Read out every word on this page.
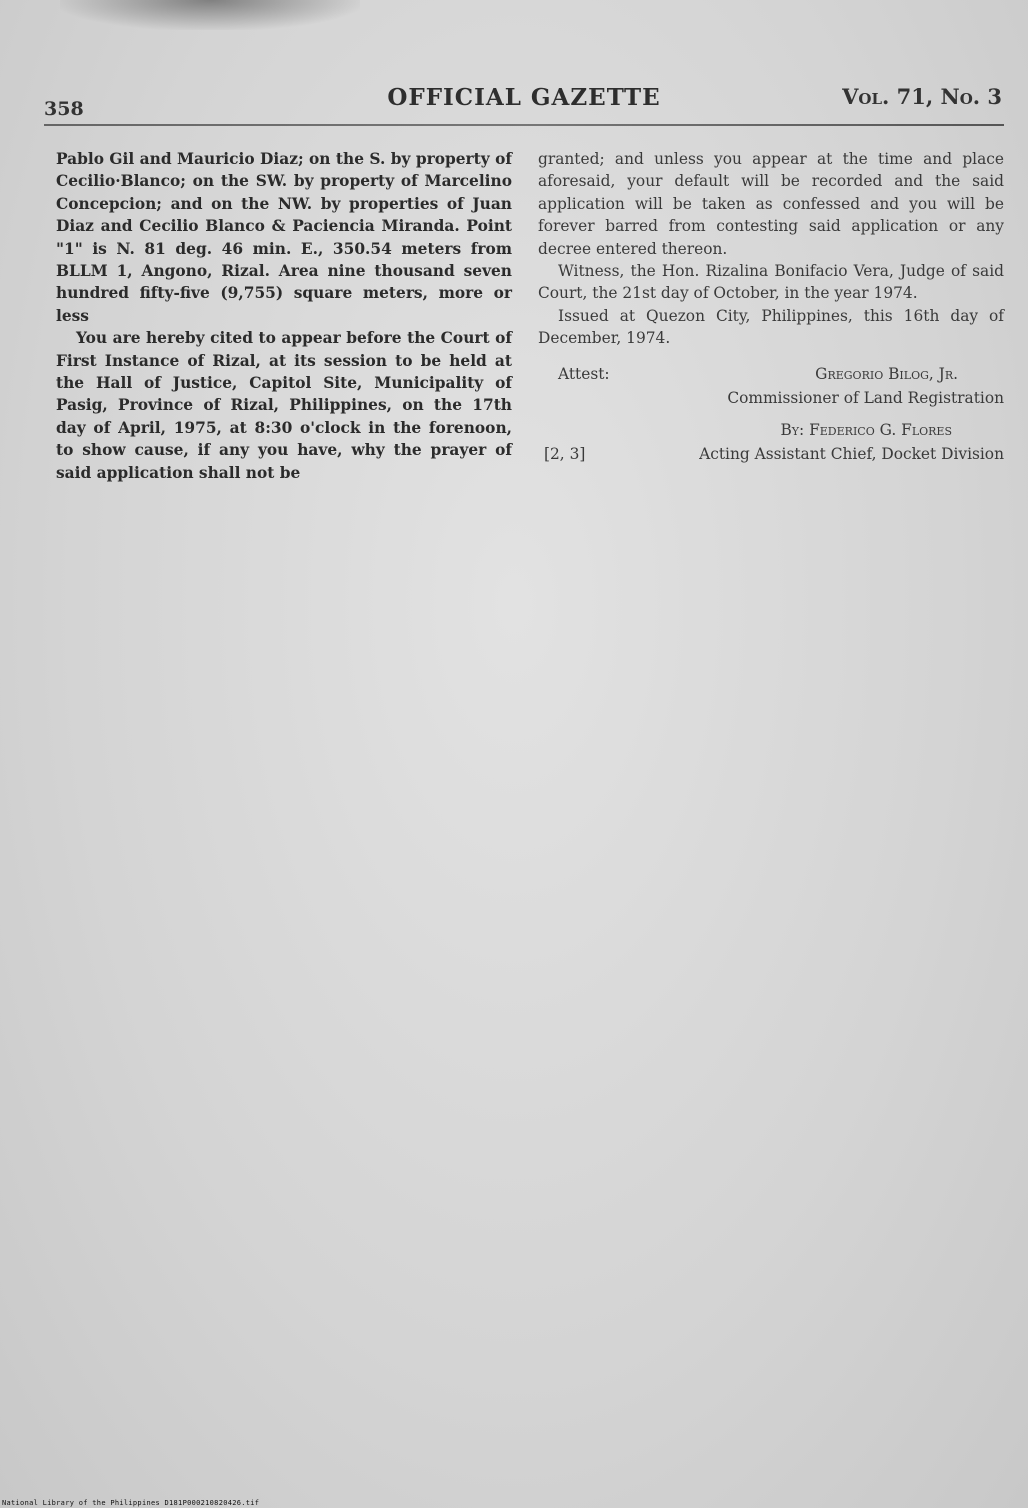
358	OFFICIAL GAZETTE	Vol. 71, No. 3

Pablo Gil and Mauricio Diaz; on the S. by property of Cecilio·Blanco; on the SW. by property of Marcelino Concepcion; and on the NW. by properties of Juan Diaz and Cecilio Blanco & Paciencia Miranda. Point "1" is N. 81 deg. 46 min. E., 350.54 meters from BLLM 1, Angono, Rizal. Area nine thousand seven hundred fifty-five (9,755) square meters, more or less

You are hereby cited to appear before the Court of First Instance of Rizal, at its session to be held at the Hall of Justice, Capitol Site, Municipality of Pasig, Province of Rizal, Philippines, on the 17th day of April, 1975, at 8:30 o'clock in the forenoon, to show cause, if any you have, why the prayer of said application shall not be

granted; and unless you appear at the time and place aforesaid, your default will be recorded and the said application will be taken as confessed and you will be forever barred from contesting said application or any decree entered thereon.

Witness, the Hon. Rizalina Bonifacio Vera, Judge of said Court, the 21st day of October, in the year 1974.

Issued at Quezon City, Philippines, this 16th day of December, 1974.

Attest:	Gregorio Bilog, Jr.
Commissioner of Land Registration
By: Federico G. Flores
[2, 3]	Acting Assistant Chief, Docket Division
National Library of the Philippines D181P000210820426.tif
